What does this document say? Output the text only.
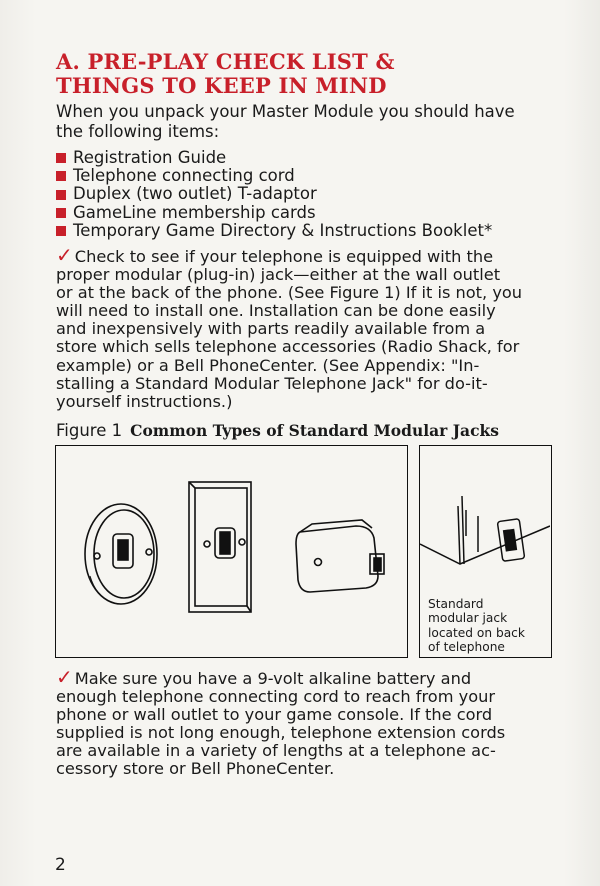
A. PRE-PLAY CHECK LIST &
THINGS TO KEEP IN MIND
When you unpack your Master Module you should have
the following items:
Registration Guide
Telephone connecting cord
Duplex (two outlet) T-adaptor
GameLine membership cards
Temporary Game Directory & Instructions Booklet*
✓ Check to see if your telephone is equipped with the
proper modular (plug-in) jack—either at the wall outlet
or at the back of the phone. (See Figure 1) If it is not, you
will need to install one. Installation can be done easily
and inexpensively with parts readily available from a
store which sells telephone accessories (Radio Shack, for
example) or a Bell PhoneCenter. (See Appendix: "In-
stalling a Standard Modular Telephone Jack" for do-it-
yourself instructions.)
Figure 1 Common Types of Standard Modular Jacks
Standard
modular jack
located on back
of telephone
✓ Make sure you have a 9-volt alkaline battery and
enough telephone connecting cord to reach from your
phone or wall outlet to your game console. If the cord
supplied is not long enough, telephone extension cords
are available in a variety of lengths at a telephone ac-
cessory store or Bell PhoneCenter.
2
